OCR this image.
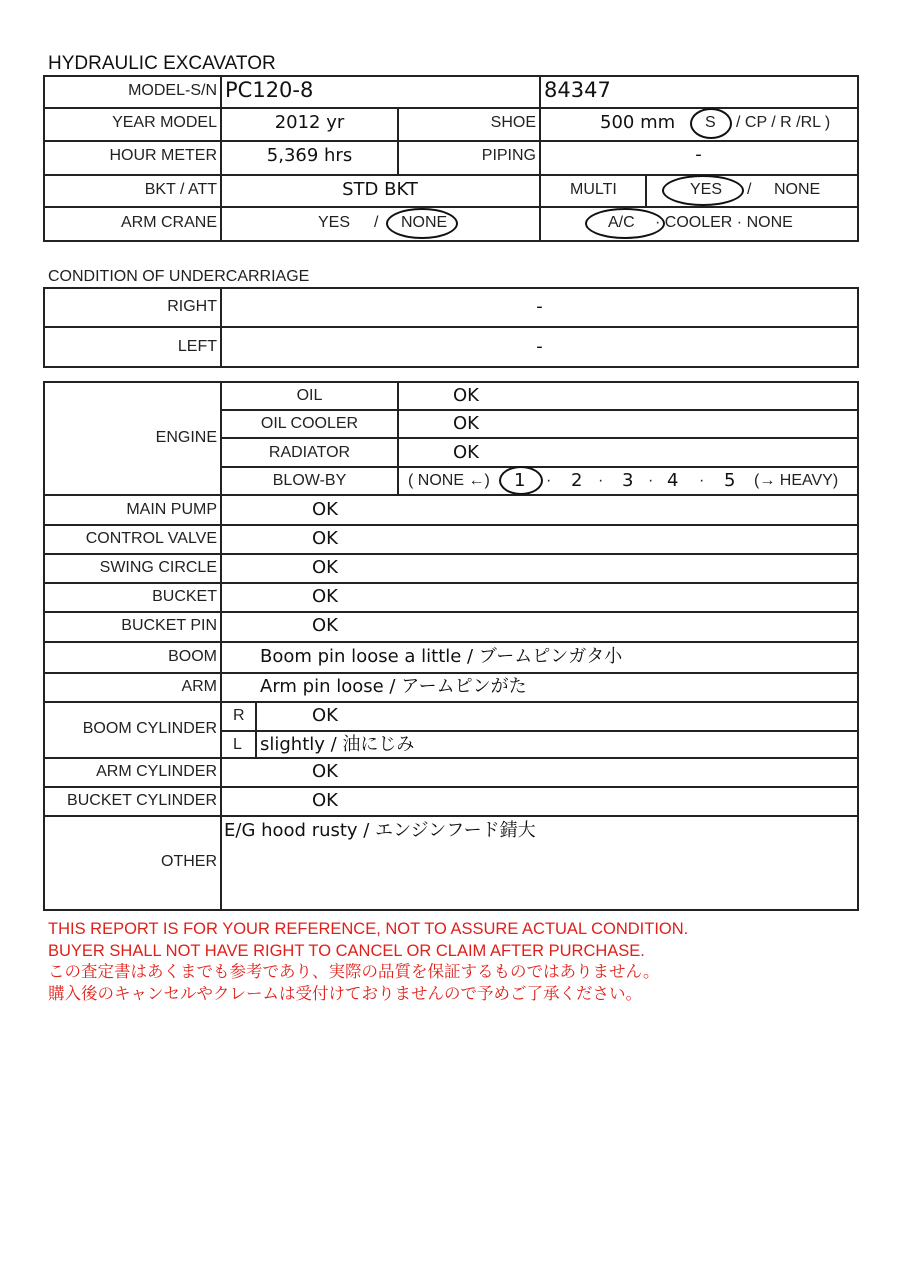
HYDRAULIC EXCAVATOR
MODEL-S/N PC120-8	84347
YEAR MODEL	2012 yr	SHOE	500 mm S / CP / R /RL )
HOUR METER	5,369 hrs	PIPING	-
BKT / ATT	STD BKT	MULTI	YES / NONE
ARM CRANE	YES / NONE	A/C · COOLER · NONE
CONDITION OF UNDERCARRIAGE
RIGHT	-
LEFT	-
ENGINE
OIL	OK
OIL COOLER	OK
RADIATOR	OK
BLOW-BY	( NONE ←) 1 · 2 · 3 · 4 · 5 (→ HEAVY)
MAIN PUMP	OK
CONTROL VALVE	OK
SWING CIRCLE	OK
BUCKET	OK
BUCKET PIN	OK
BOOM Boom pin loose a little / ブームピンガタ小
ARM Arm pin loose / アームピンがた
BOOM CYLINDER
R	OK
L slightly / 油にじみ
ARM CYLINDER	OK
BUCKET CYLINDER	OK
OTHER
E/G hood rusty / エンジンフード錆大
THIS REPORT IS FOR YOUR REFERENCE, NOT TO ASSURE ACTUAL CONDITION.
BUYER SHALL NOT HAVE RIGHT TO CANCEL OR CLAIM AFTER PURCHASE.
この査定書はあくまでも参考であり、実際の品質を保証するものではありません。
購入後のキャンセルやクレームは受付けておりませんので予めご了承ください。
